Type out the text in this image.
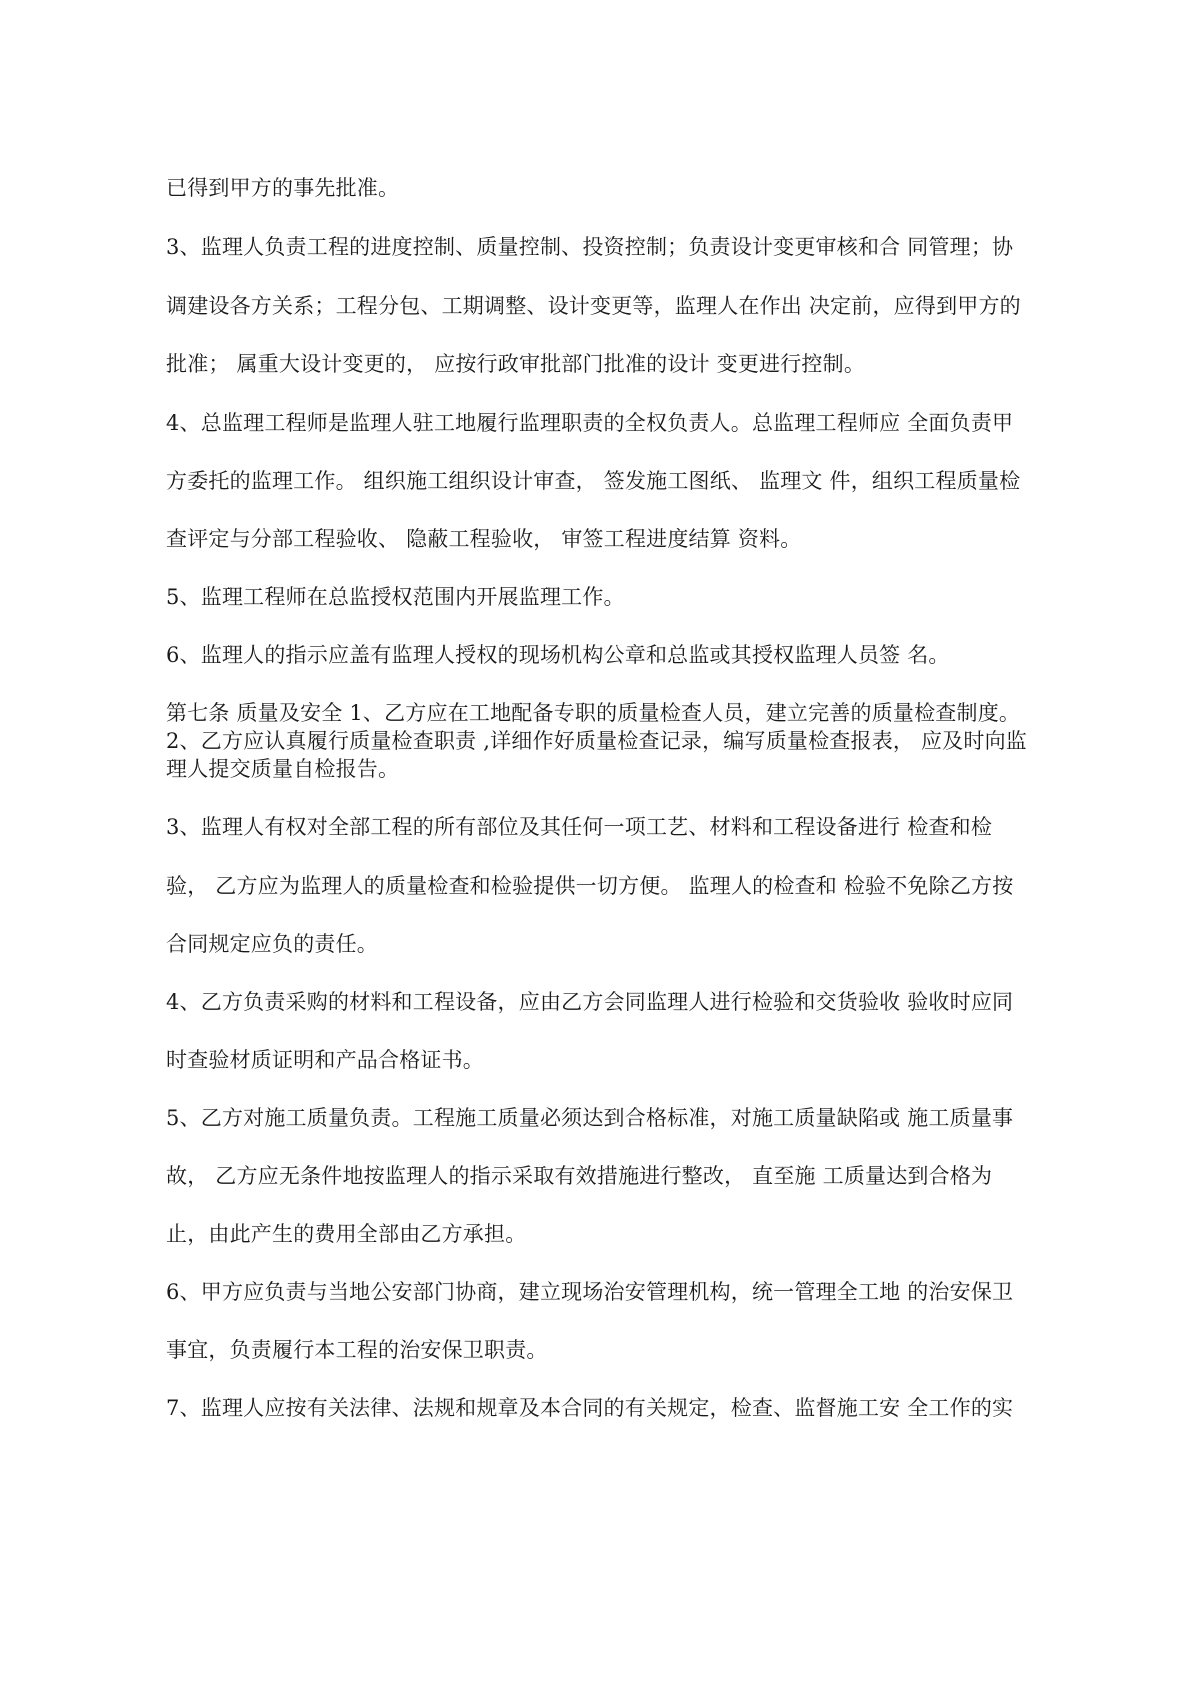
已得到甲方的事先批准。
3、监理人负责工程的进度控制、质量控制、投资控制；负责设计变更审核和合 同管理；协
调建设各方关系；工程分包、工期调整、设计变更等，监理人在作出 决定前，应得到甲方的
批准； 属重大设计变更的， 应按行政审批部门批准的设计 变更进行控制。
4、总监理工程师是监理人驻工地履行监理职责的全权负责人。总监理工程师应 全面负责甲
方委托的监理工作。 组织施工组织设计审查， 签发施工图纸、 监理文 件，组织工程质量检
查评定与分部工程验收、 隐蔽工程验收， 审签工程进度结算 资料。
5、监理工程师在总监授权范围内开展监理工作。
6、监理人的指示应盖有监理人授权的现场机构公章和总监或其授权监理人员签 名。
第七条 质量及安全 1、乙方应在工地配备专职的质量检查人员，建立完善的质量检查制度。
2、乙方应认真履行质量检查职责 ,详细作好质量检查记录，编写质量检查报表， 应及时向监
理人提交质量自检报告。
3、监理人有权对全部工程的所有部位及其任何一项工艺、材料和工程设备进行 检查和检
验， 乙方应为监理人的质量检查和检验提供一切方便。 监理人的检查和 检验不免除乙方按
合同规定应负的责任。
4、乙方负责采购的材料和工程设备，应由乙方会同监理人进行检验和交货验收 验收时应同
时查验材质证明和产品合格证书。
5、乙方对施工质量负责。工程施工质量必须达到合格标准，对施工质量缺陷或 施工质量事
故， 乙方应无条件地按监理人的指示采取有效措施进行整改， 直至施 工质量达到合格为
止，由此产生的费用全部由乙方承担。
6、甲方应负责与当地公安部门协商，建立现场治安管理机构，统一管理全工地 的治安保卫
事宜，负责履行本工程的治安保卫职责。
7、监理人应按有关法律、法规和规章及本合同的有关规定，检查、监督施工安 全工作的实
